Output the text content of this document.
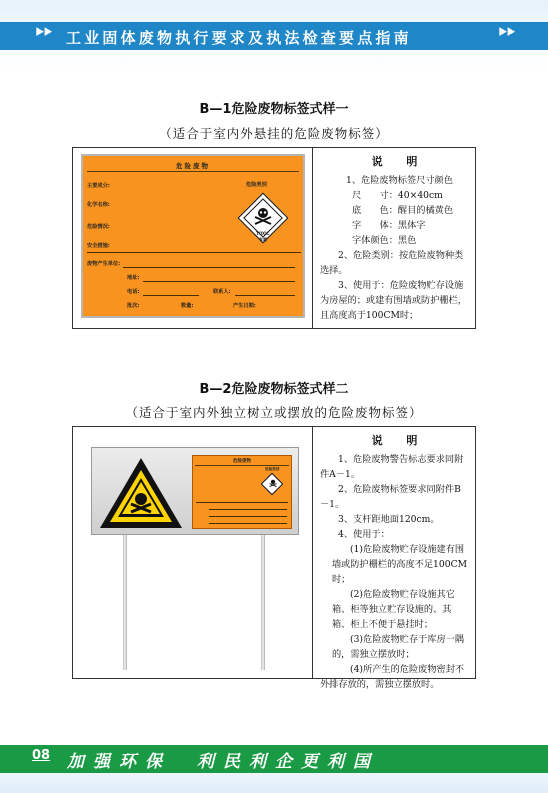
⯈⯈ 工业固体废物执行要求及执法检查要点指南	⯈⯈
B—1危险废物标签式样一
（适合于室内外悬挂的危险废物标签）
危险废物
主要成分:
化学名称:
危险情况:
安全措施:
废物产生单位:
地址:
电话:	联系人:
批次:	数量:	产生日期:
危险类别
TOXIC
有毒
说 明
1、危险废物标签尺寸颜色
尺　　寸：40×40cm
底　　色：醒目的橘黄色
字　　体：黑体字
字体颜色：黑色
2、危险类别：按危险废物种类选择。
3、使用于：危险废物贮存设施为房屋的；或建有围墙或防护栅栏，且高度高于100CM时；
B—2危险废物标签式样二
（适合于室内外独立树立或摆放的危险废物标签）
危险废物
危险类别
说 明
1、危险废物警告标志要求同附件A－1。
2、危险废物标签要求同附件B－1。
3、支杆距地面120cm。
4、使用于：
(1)危险废物贮存设施建有围墙或防护栅栏的高度不足100CM时；
(2)危险废物贮存设施其它箱、柜等独立贮存设施的、其箱、柜上不便于悬挂时；
(3)危险废物贮存于库房一隅的，需独立摆放时；
(4)所产生的危险废物密封不外排存放的，需独立摆放时。
08 加强环保　利民利企更利国
